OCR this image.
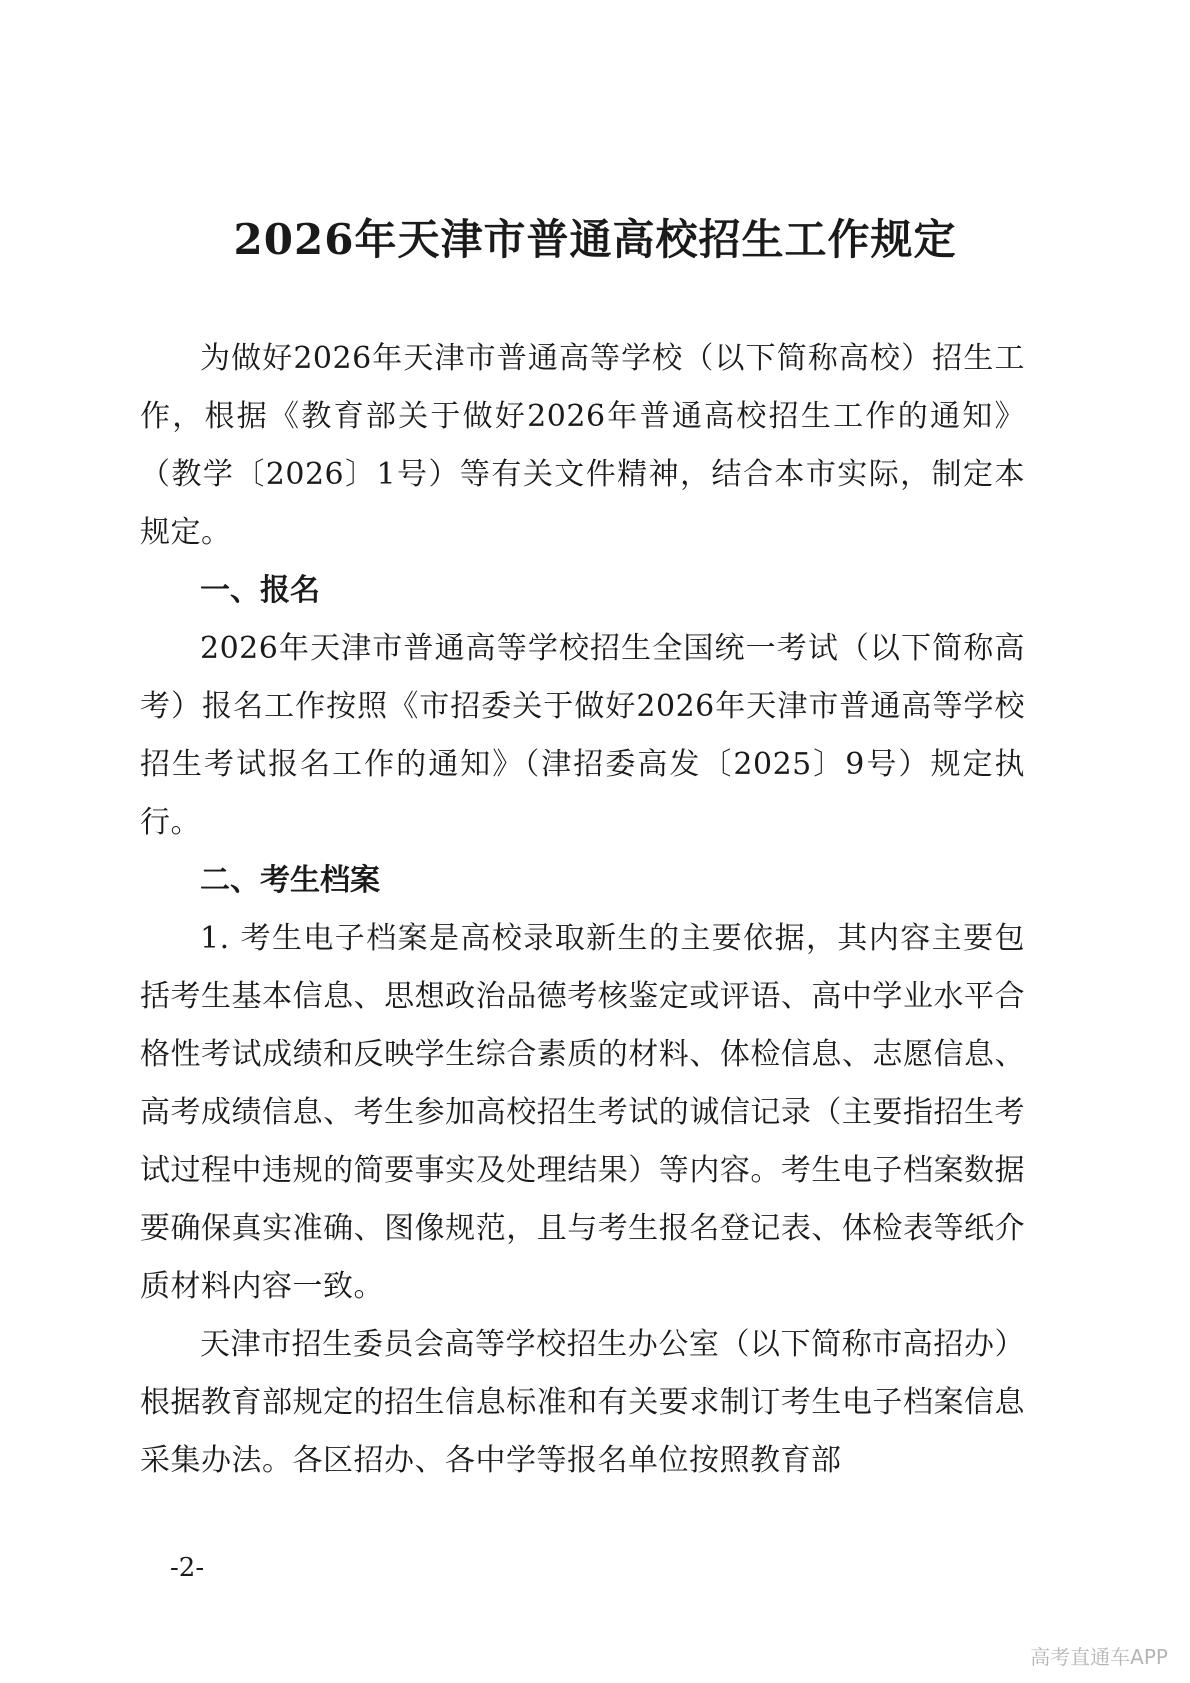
2026年天津市普通高校招生工作规定

为做好2026年天津市普通高等学校（以下简称高校）招生工作，根据《教育部关于做好2026年普通高校招生工作的通知》（教学〔2026〕1号）等有关文件精神，结合本市实际，制定本规定。

一、报名

2026年天津市普通高等学校招生全国统一考试（以下简称高考）报名工作按照《市招委关于做好2026年天津市普通高等学校招生考试报名工作的通知》（津招委高发〔2025〕9号）规定执行。

二、考生档案

1. 考生电子档案是高校录取新生的主要依据，其内容主要包括考生基本信息、思想政治品德考核鉴定或评语、高中学业水平合格性考试成绩和反映学生综合素质的材料、体检信息、志愿信息、高考成绩信息、考生参加高校招生考试的诚信记录（主要指招生考试过程中违规的简要事实及处理结果）等内容。考生电子档案数据要确保真实准确、图像规范，且与考生报名登记表、体检表等纸介质材料内容一致。

天津市招生委员会高等学校招生办公室（以下简称市高招办）根据教育部规定的招生信息标准和有关要求制订考生电子档案信息采集办法。各区招办、各中学等报名单位按照教育部

-2-
高考直通车APP
